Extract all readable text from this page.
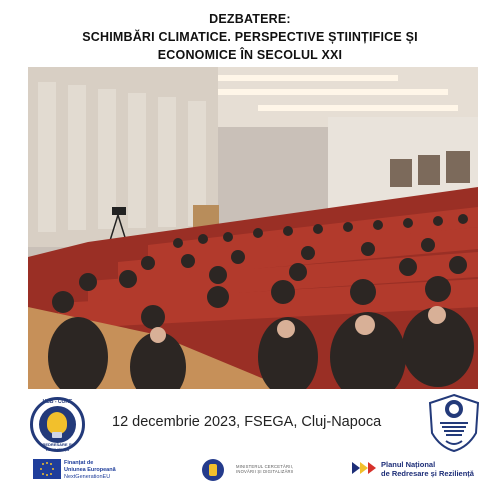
DEZBATERE:
SCHIMBĂRI CLIMATICE. PERSPECTIVE ȘTIINȚIFICE ȘI
ECONOMICE ÎN SECOLUL XXI
UBB - CORE
REDRESARE ȘI REZILIENȚĂ
12 decembrie 2023, FSEGA, Cluj-Napoca
Finanțat de
Uniunea Europeană
NextGenerationEU
MINISTERUL CERCETĂRII,
INOVĂRII ȘI DIGITALIZĂRII
Planul Național
de Redresare și Reziliență
